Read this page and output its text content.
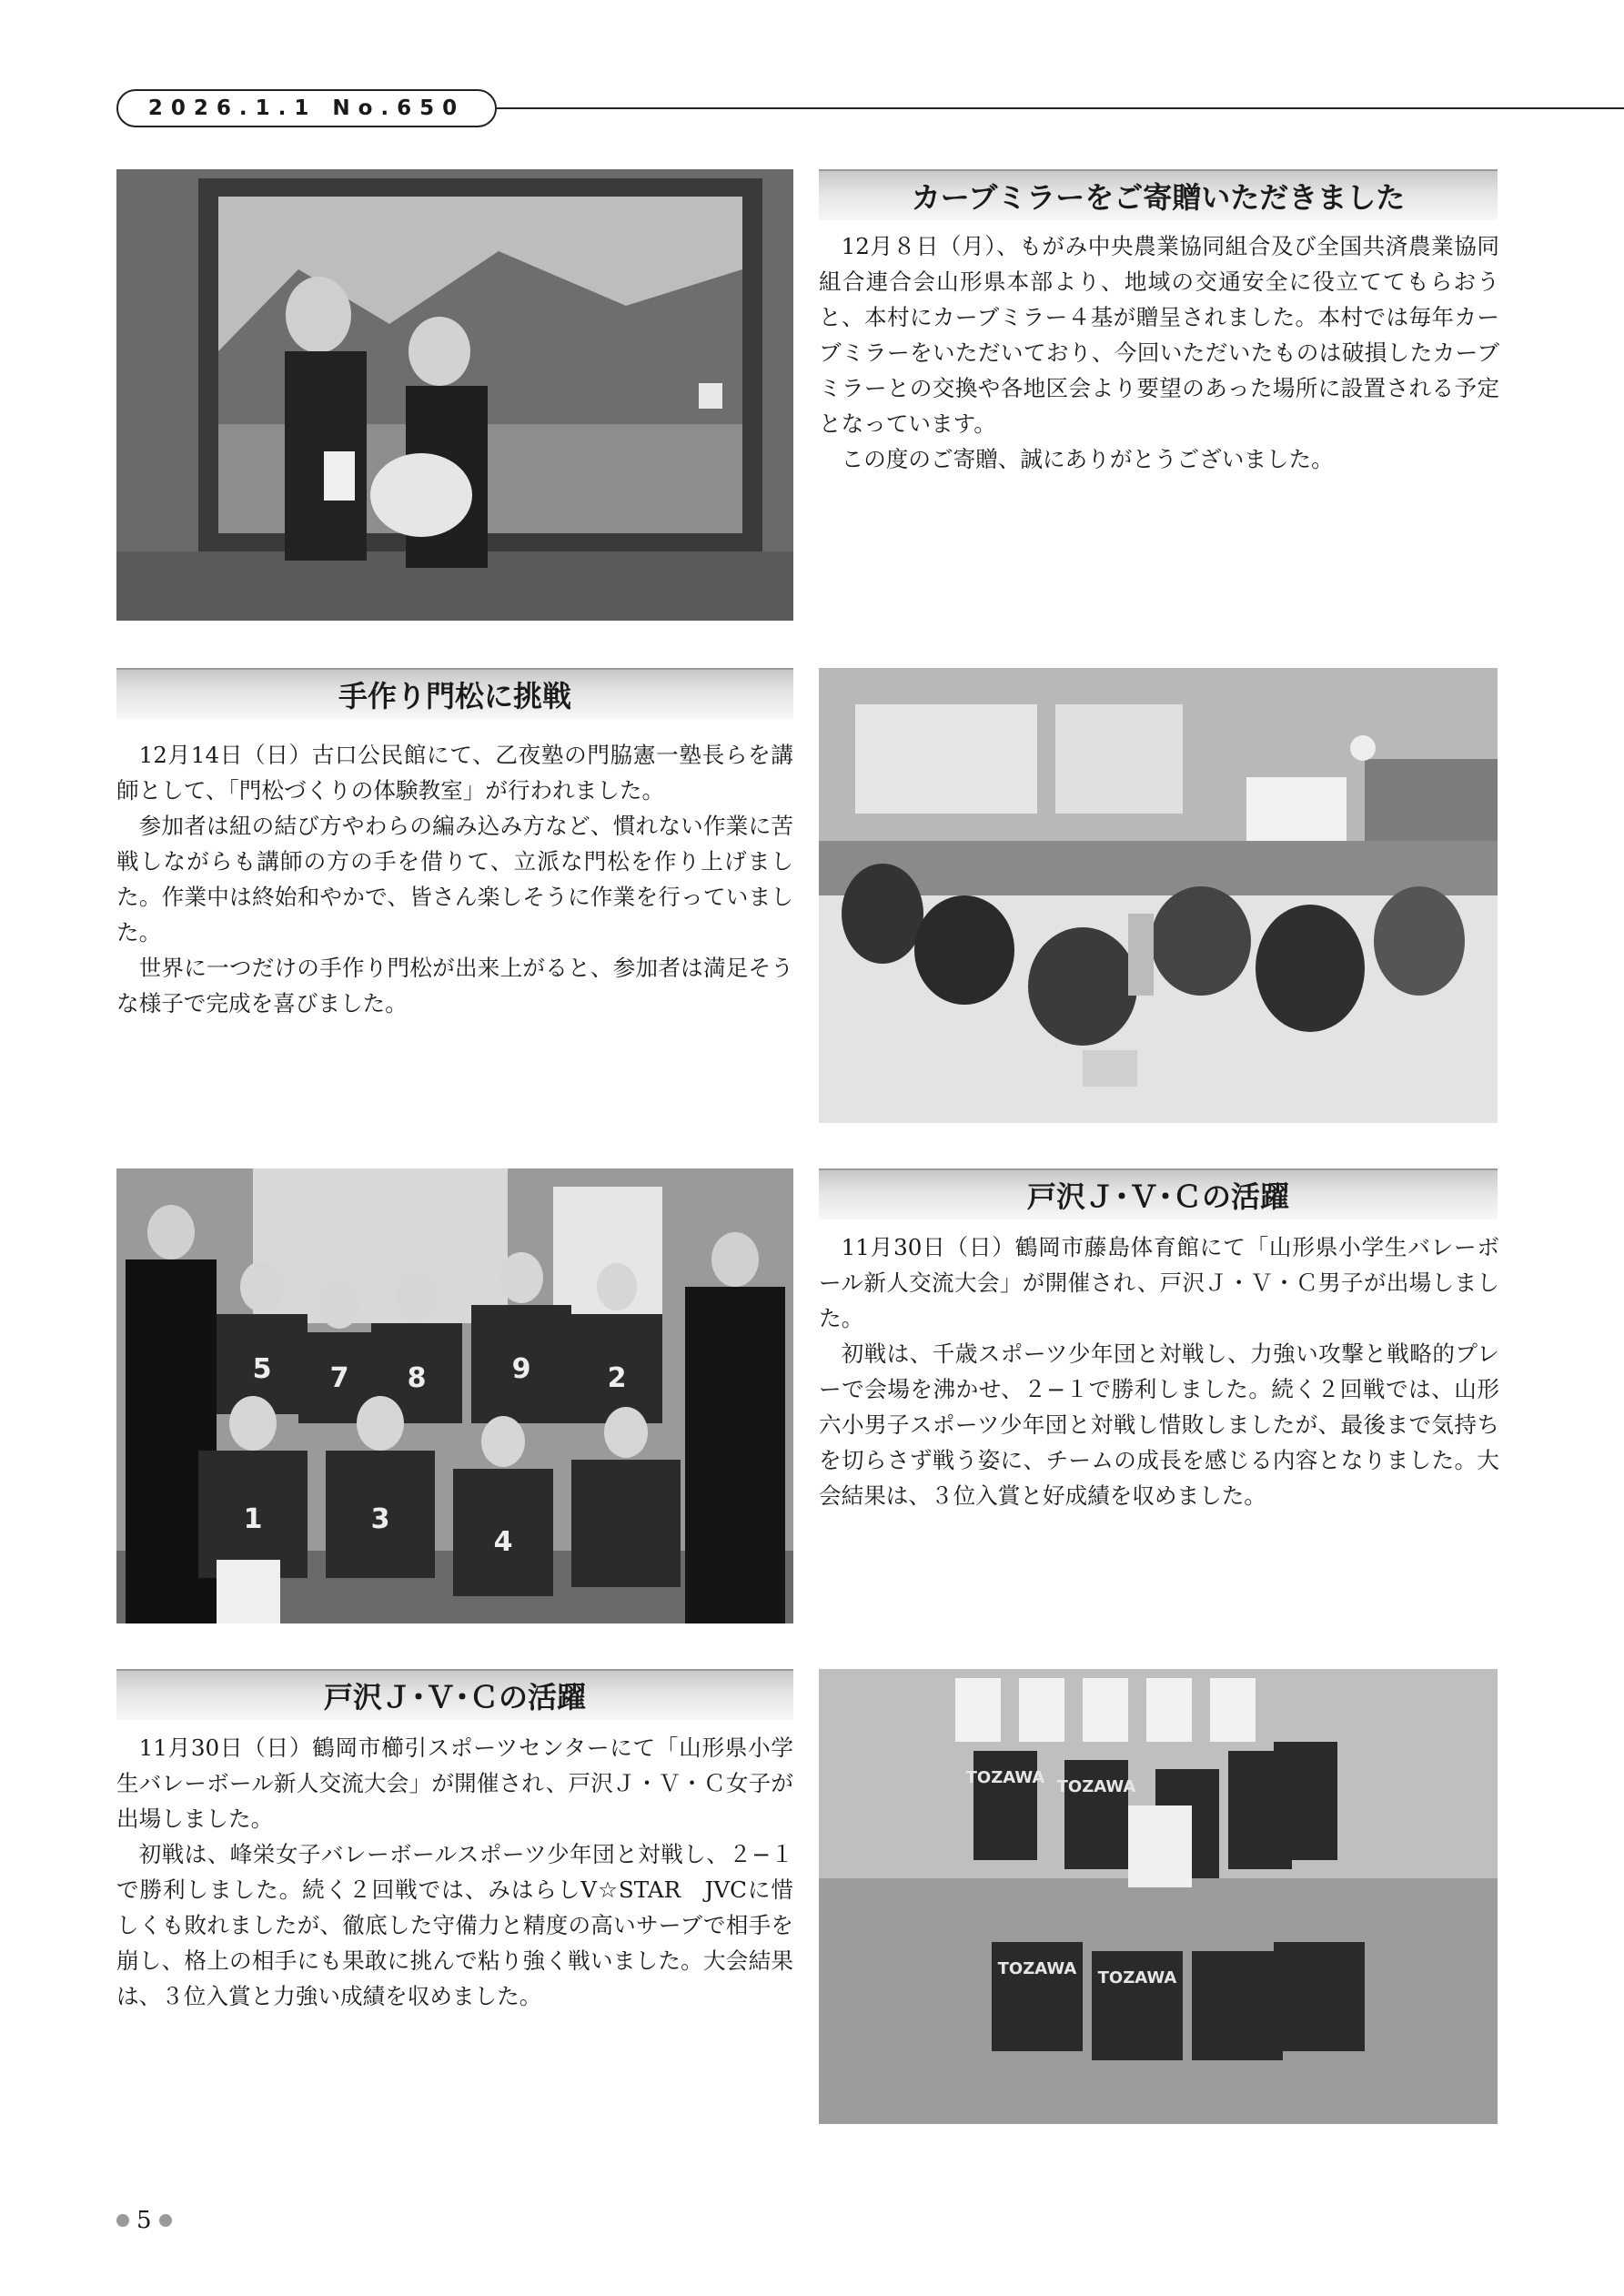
2026.1.1 No.650
カーブミラーをご寄贈いただきました

12月８日（月）、もがみ中央農業協同組合及び全国共済農業協同組合連合会山形県本部より、地域の交通安全に役立ててもらおうと、本村にカーブミラー４基が贈呈されました。本村では毎年カーブミラーをいただいており、今回いただいたものは破損したカーブミラーとの交換や各地区会より要望のあった場所に設置される予定となっています。

この度のご寄贈、誠にありがとうございました。

手作り門松に挑戦

12月14日（日）古口公民館にて、乙夜塾の門脇憲一塾長らを講師として、「門松づくりの体験教室」が行われました。

参加者は紐の結び方やわらの編み込み方など、慣れない作業に苦戦しながらも講師の方の手を借りて、立派な門松を作り上げました。作業中は終始和やかで、皆さん楽しそうに作業を行っていました。

世界に一つだけの手作り門松が出来上がると、参加者は満足そうな様子で完成を喜びました。

5 7 8	9	2
1	3
4
戸沢Ｊ･Ｖ･Ｃの活躍

11月30日（日）鶴岡市藤島体育館にて「山形県小学生バレーボール新人交流大会」が開催され、戸沢Ｊ・Ｖ・Ｃ男子が出場しました。

初戦は、千歳スポーツ少年団と対戦し、力強い攻撃と戦略的プレーで会場を沸かせ、２−１で勝利しました。続く２回戦では、山形六小男子スポーツ少年団と対戦し惜敗しましたが、最後まで気持ちを切らさず戦う姿に、チームの成長を感じる内容となりました。大会結果は、３位入賞と好成績を収めました。

戸沢Ｊ･Ｖ･Ｃの活躍

11月30日（日）鶴岡市櫛引スポーツセンターにて「山形県小学生バレーボール新人交流大会」が開催され、戸沢Ｊ・Ｖ・Ｃ女子が出場しました。

初戦は、峰栄女子バレーボールスポーツ少年団と対戦し、２−１で勝利しました。続く２回戦では、みはらしV☆STAR　JVCに惜しくも敗れましたが、徹底した守備力と精度の高いサーブで相手を崩し、格上の相手にも果敢に挑んで粘り強く戦いました。大会結果は、３位入賞と力強い成績を収めました。

TOZAWA TOZAWA
TOZAWA TOZAWA
5
